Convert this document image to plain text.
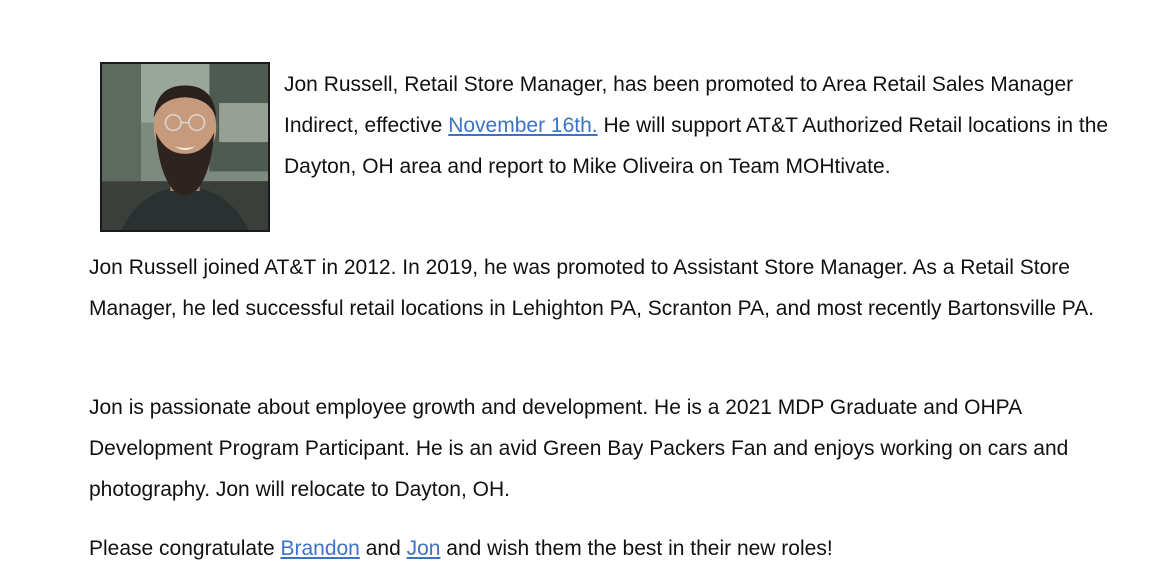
Jon Russell, Retail Store Manager, has been promoted to Area Retail Sales Manager Indirect, effective November 16th. He will support AT&T Authorized Retail locations in the Dayton, OH area and report to Mike Oliveira on Team MOHtivate.

Jon Russell joined AT&T in 2012. In 2019, he was promoted to Assistant Store Manager. As a Retail Store Manager, he led successful retail locations in Lehighton PA, Scranton PA, and most recently Bartonsville PA.

Jon is passionate about employee growth and development. He is a 2021 MDP Graduate and OHPA Development Program Participant. He is an avid Green Bay Packers Fan and enjoys working on cars and photography. Jon will relocate to Dayton, OH.

Please congratulate Brandon and Jon and wish them the best in their new roles!
